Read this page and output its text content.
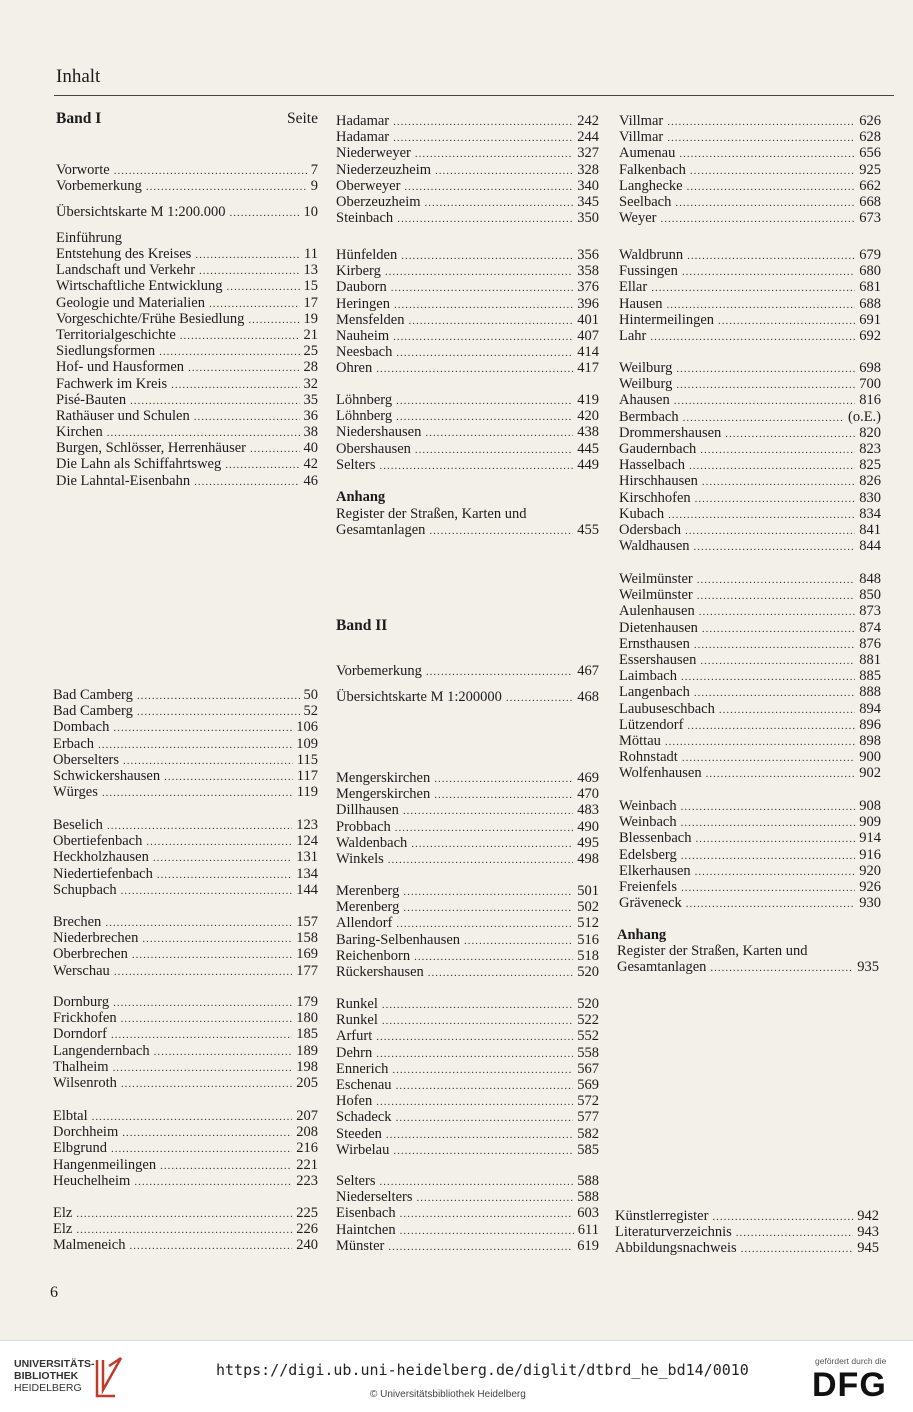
Inhalt
Band I	Seite
Vorworte .....	7
Vorbemerkung .....	9
Übersichtskarte M 1:200.000 .....	10
Einführung
Entstehung des Kreises .....	11
Landschaft und Verkehr .....	13
Wirtschaftliche Entwicklung .....	15
Geologie und Materialien .....	17
Vorgeschichte/Frühe Besiedlung .....	19
Territorialgeschichte .....	21
Siedlungsformen .....	25
Hof- und Hausformen .....	28
Fachwerk im Kreis .....	32
Pisé-Bauten .....	35
Rathäuser und Schulen .....	36
Kirchen .....	38
Burgen, Schlösser, Herrenhäuser .....	40
Die Lahn als Schiffahrtsweg .....	42
Die Lahntal-Eisenbahn .....	46
Bad Camberg .....	50
Bad Camberg .....	52
Dombach .....	106
Erbach .....	109
Oberselters .....	115
Schwickershausen .....	117
Würges .....	119
Beselich .....	123
Obertiefenbach .....	124
Heckholzhausen .....	131
Niedertiefenbach .....	134
Schupbach .....	144
Brechen .....	157
Niederbrechen .....	158
Oberbrechen .....	169
Werschau .....	177
Dornburg .....	179
Frickhofen .....	180
Dorndorf .....	185
Langendernbach .....	189
Thalheim .....	198
Wilsenroth .....	205
Elbtal .....	207
Dorchheim .....	208
Elbgrund .....	216
Hangenmeilingen .....	221
Heuchelheim .....	223
Elz .....	225
Elz .....	226
Malmeneich .....	240
Hadamar .....	242
Hadamar .....	244
Niederweyer .....	327
Niederzeuzheim .....	328
Oberweyer .....	340
Oberzeuzheim .....	345
Steinbach .....	350
Hünfelden .....	356
Kirberg .....	358
Dauborn .....	376
Heringen .....	396
Mensfelden .....	401
Nauheim .....	407
Neesbach .....	414
Ohren .....	417
Löhnberg .....	419
Löhnberg .....	420
Niedershausen .....	438
Obershausen .....	445
Selters .....	449
Anhang
Register der Straßen, Karten und
Gesamtanlagen .....	455
Band II
Vorbemerkung .....	467
Übersichtskarte M 1:200000 .....	468
Mengerskirchen .....	469
Mengerskirchen .....	470
Dillhausen .....	483
Probbach .....	490
Waldenbach .....	495
Winkels .....	498
Merenberg .....	501
Merenberg .....	502
Allendorf .....	512
Baring-Selbenhausen .....	516
Reichenborn .....	518
Rückershausen .....	520
Runkel .....	520
Runkel .....	522
Arfurt .....	552
Dehrn .....	558
Ennerich .....	567
Eschenau .....	569
Hofen .....	572
Schadeck .....	577
Steeden .....	582
Wirbelau .....	585
Selters .....	588
Niederselters .....	588
Eisenbach .....	603
Haintchen .....	611
Münster .....	619
Villmar .....	626
Villmar .....	628
Aumenau .....	656
Falkenbach .....	925
Langhecke .....	662
Seelbach .....	668
Weyer .....	673
Waldbrunn .....	679
Fussingen .....	680
Ellar .....	681
Hausen .....	688
Hintermeilingen .....	691
Lahr .....	692
Weilburg .....	698
Weilburg .....	700
Ahausen .....	816
Bermbach .....	(o.E.)
Drommershausen .....	820
Gaudernbach .....	823
Hasselbach .....	825
Hirschhausen .....	826
Kirschhofen .....	830
Kubach .....	834
Odersbach .....	841
Waldhausen .....	844
Weilmünster .....	848
Weilmünster .....	850
Aulenhausen .....	873
Dietenhausen .....	874
Ernsthausen .....	876
Essershausen .....	881
Laimbach .....	885
Langenbach .....	888
Laubuseschbach .....	894
Lützendorf .....	896
Möttau .....	898
Rohnstadt .....	900
Wolfenhausen .....	902
Weinbach .....	908
Weinbach .....	909
Blessenbach .....	914
Edelsberg .....	916
Elkerhausen .....	920
Freienfels .....	926
Gräveneck .....	930
Anhang
Register der Straßen, Karten und
Gesamtanlagen .....	935
Künstlerregister .....	942
Literaturverzeichnis .....	943
Abbildungsnachweis .....	945
6
UNIVERSITÄTS-
BIBLIOTHEK
HEIDELBERG
https://digi.ub.uni-heidelberg.de/diglit/dtbrd_he_bd14/0010
© Universitätsbibliothek Heidelberg
gefördert durch die
DFG
